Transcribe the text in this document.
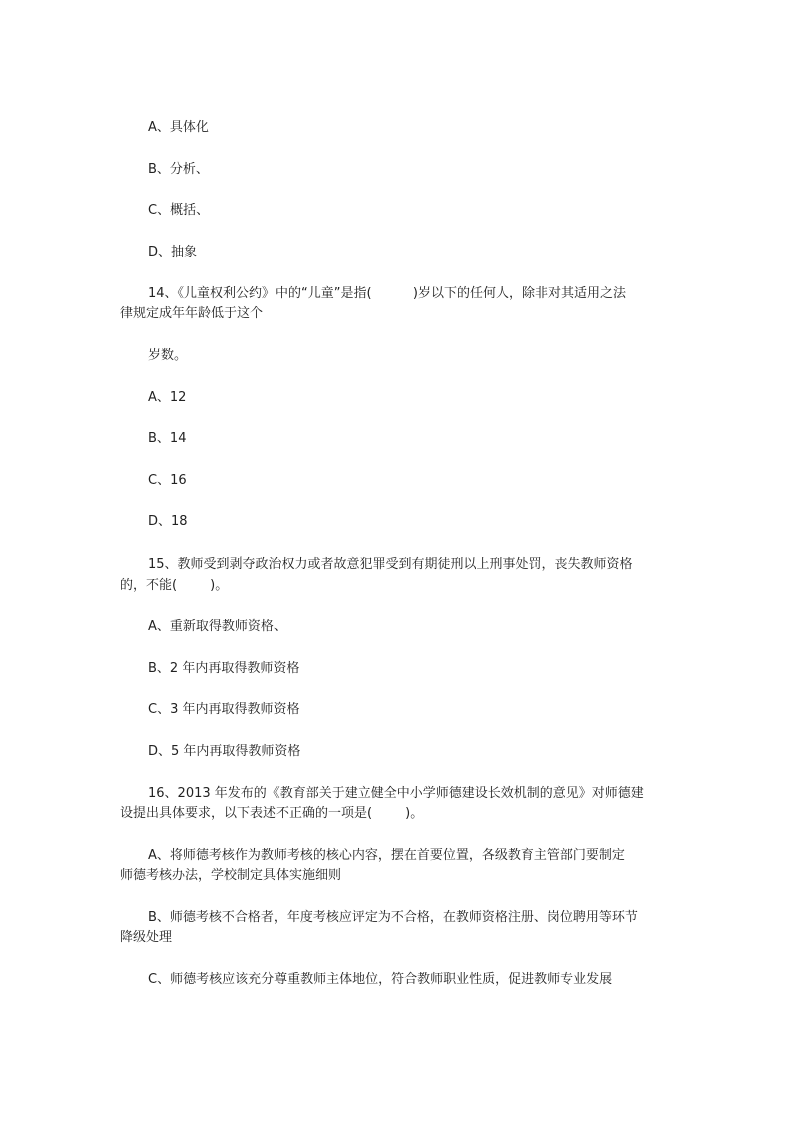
A、具体化
B、分析、
C、概括、
D、抽象
14、《儿童权利公约》中的“儿童”是指(          )岁以下的任何人，除非对其适用之法
律规定成年年龄低于这个
岁数。
A、12
B、14
C、16
D、18
15、教师受到剥夺政治权力或者故意犯罪受到有期徒刑以上刑事处罚，丧失教师资格
的，不能(        )。
A、重新取得教师资格、
B、2 年内再取得教师资格
C、3 年内再取得教师资格
D、5 年内再取得教师资格
16、2013 年发布的《教育部关于建立健全中小学师德建设长效机制的意见》对师德建
设提出具体要求，以下表述不正确的一项是(        )。
A、将师德考核作为教师考核的核心内容，摆在首要位置，各级教育主管部门要制定
师德考核办法，学校制定具体实施细则
B、师德考核不合格者，年度考核应评定为不合格，在教师资格注册、岗位聘用等环节
降级处理
C、师德考核应该充分尊重教师主体地位，符合教师职业性质，促进教师专业发展
